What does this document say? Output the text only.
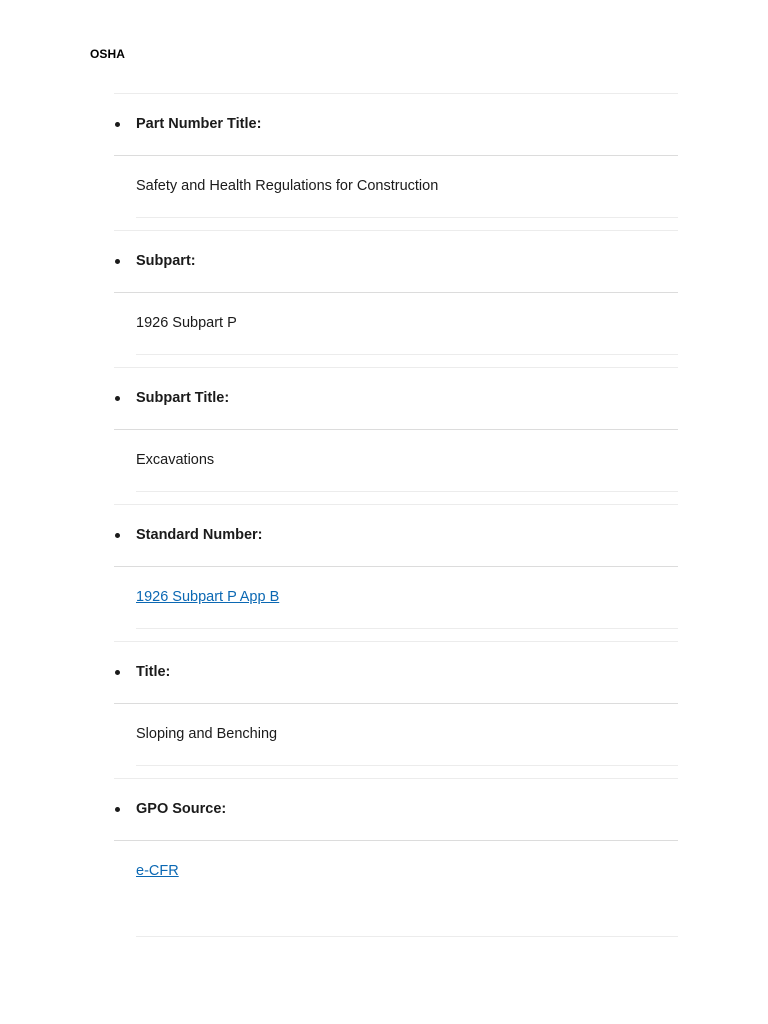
OSHA
Part Number Title:
Safety and Health Regulations for Construction
Subpart:
1926 Subpart P
Subpart Title:
Excavations
Standard Number:
1926 Subpart P App B
Title:
Sloping and Benching
GPO Source:
e-CFR
